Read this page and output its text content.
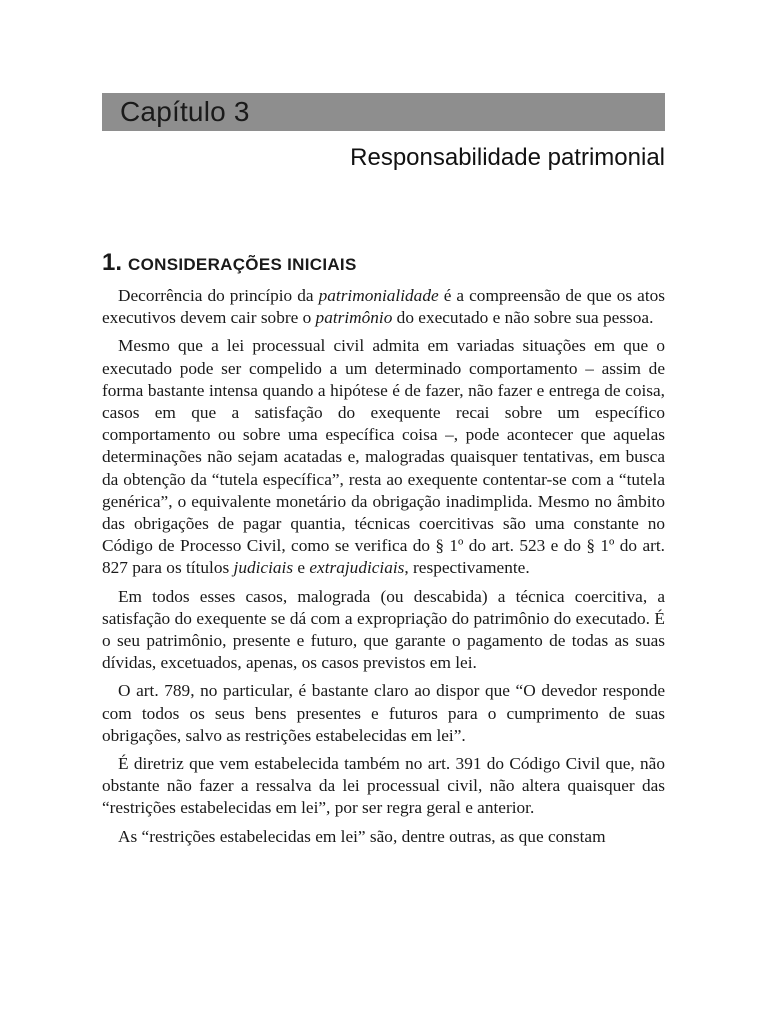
Capítulo 3
Responsabilidade patrimonial
1. CONSIDERAÇÕES INICIAIS

Decorrência do princípio da patrimonialidade é a compreensão de que os atos executivos devem cair sobre o patrimônio do executado e não sobre sua pessoa.

Mesmo que a lei processual civil admita em variadas situações em que o executado pode ser compelido a um determinado comportamento – assim de forma bastante intensa quando a hipótese é de fazer, não fazer e entrega de coisa, casos em que a satisfação do exequente recai sobre um específico comportamento ou sobre uma específica coisa –, pode acontecer que aquelas determinações não sejam acatadas e, malogradas quaisquer tentativas, em busca da obtenção da “tutela específica”, resta ao exequente contentar-se com a “tutela genérica”, o equivalente monetário da obrigação inadimplida. Mesmo no âmbito das obrigações de pagar quantia, técnicas coercitivas são uma constante no Código de Processo Civil, como se verifica do § 1º do art. 523 e do § 1º do art. 827 para os títulos judiciais e extrajudiciais, respectivamente.

Em todos esses casos, malograda (ou descabida) a técnica coercitiva, a satisfação do exequente se dá com a expropriação do patrimônio do executado. É o seu patrimônio, presente e futuro, que garante o pagamento de todas as suas dívidas, excetuados, apenas, os casos previstos em lei.

O art. 789, no particular, é bastante claro ao dispor que “O devedor responde com todos os seus bens presentes e futuros para o cumprimento de suas obrigações, salvo as restrições estabelecidas em lei”.

É diretriz que vem estabelecida também no art. 391 do Código Civil que, não obstante não fazer a ressalva da lei processual civil, não altera quaisquer das “restrições estabelecidas em lei”, por ser regra geral e anterior.

As “restrições estabelecidas em lei” são, dentre outras, as que constam
